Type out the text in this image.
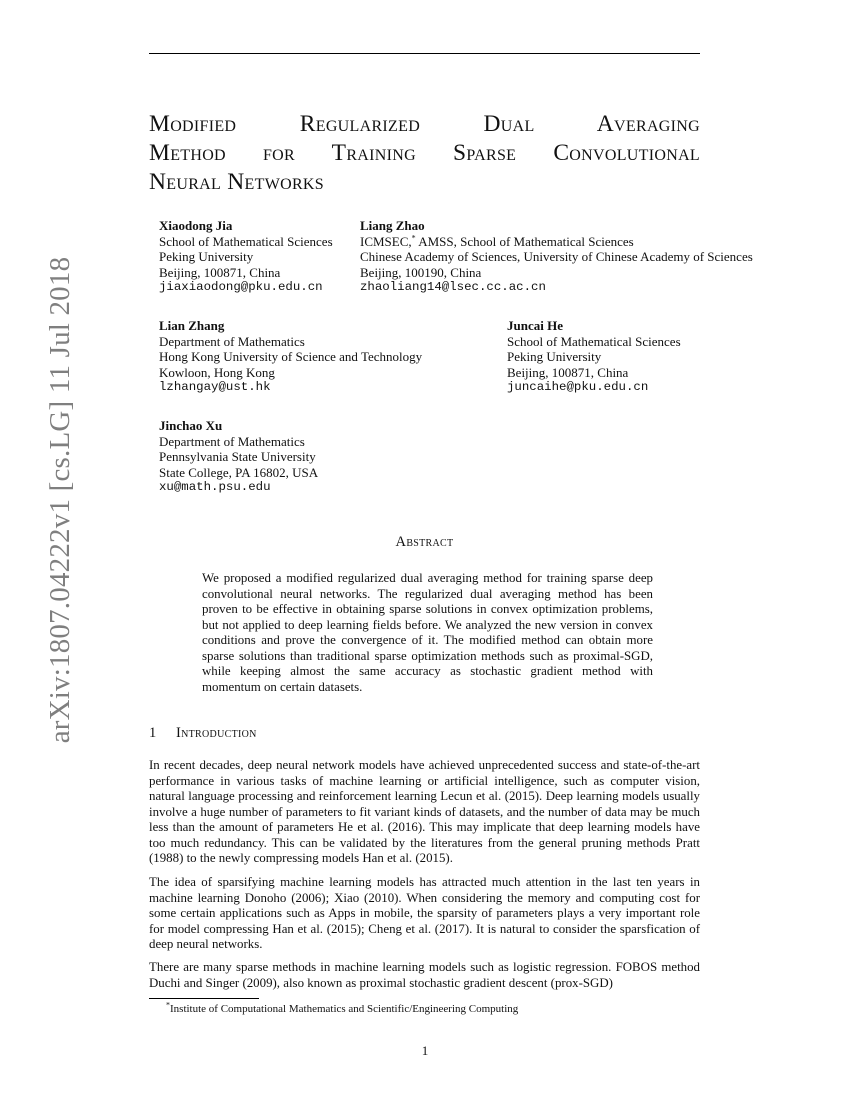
arXiv:1807.04222v1 [cs.LG] 11 Jul 2018
Modified Regularized Dual Averaging
Method for Training Sparse Convolutional
Neural Networks
Xiaodong Jia
School of Mathematical Sciences
Peking University
Beijing, 100871, China
jiaxiaodong@pku.edu.cn
Liang Zhao
ICMSEC,* AMSS, School of Mathematical Sciences
Chinese Academy of Sciences, University of Chinese Academy of Sciences
Beijing, 100190, China
zhaoliang14@lsec.cc.ac.cn
Lian Zhang
Department of Mathematics
Hong Kong University of Science and Technology
Kowloon, Hong Kong
lzhangay@ust.hk
Juncai He
School of Mathematical Sciences
Peking University
Beijing, 100871, China
juncaihe@pku.edu.cn
Jinchao Xu
Department of Mathematics
Pennsylvania State University
State College, PA 16802, USA
xu@math.psu.edu
Abstract
We proposed a modified regularized dual averaging method for training sparse deep convolutional neural networks. The regularized dual averaging method has been proven to be effective in obtaining sparse solutions in convex optimization problems, but not applied to deep learning fields before. We analyzed the new version in convex conditions and prove the convergence of it. The modified method can obtain more sparse solutions than traditional sparse optimization methods such as proximal-SGD, while keeping almost the same accuracy as stochastic gradient method with momentum on certain datasets.
1 Introduction
In recent decades, deep neural network models have achieved unprecedented success and state-of-the-art performance in various tasks of machine learning or artificial intelligence, such as computer vision, natural language processing and reinforcement learning Lecun et al. (2015). Deep learning models usually involve a huge number of parameters to fit variant kinds of datasets, and the number of data may be much less than the amount of parameters He et al. (2016). This may implicate that deep learning models have too much redundancy. This can be validated by the literatures from the general pruning methods Pratt (1988) to the newly compressing models Han et al. (2015).
The idea of sparsifying machine learning models has attracted much attention in the last ten years in machine learning Donoho (2006); Xiao (2010). When considering the memory and computing cost for some certain applications such as Apps in mobile, the sparsity of parameters plays a very important role for model compressing Han et al. (2015); Cheng et al. (2017). It is natural to consider the sparsfication of deep neural networks.
There are many sparse methods in machine learning models such as logistic regression. FOBOS method Duchi and Singer (2009), also known as proximal stochastic gradient descent (prox-SGD)
*Institute of Computational Mathematics and Scientific/Engineering Computing
1
